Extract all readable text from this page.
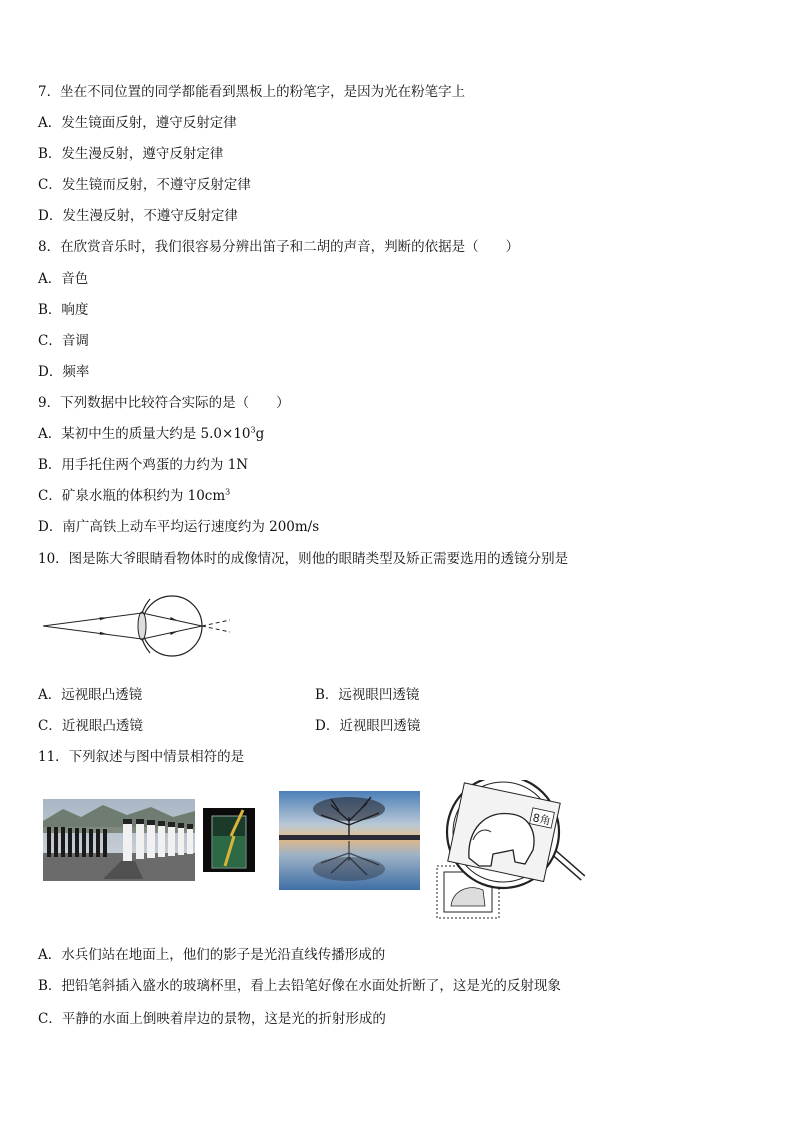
7．坐在不同位置的同学都能看到黑板上的粉笔字，是因为光在粉笔字上
A．发生镜面反射，遵守反射定律
B．发生漫反射，遵守反射定律
C．发生镜而反射，不遵守反射定律
D．发生漫反射，不遵守反射定律
8．在欣赏音乐时，我们很容易分辨出笛子和二胡的声音，判断的依据是（　　）
A．音色
B．响度
C．音调
D．频率
9．下列数据中比较符合实际的是（　　）
A．某初中生的质量大约是 $5.0\times 10^3g$
B．用手托住两个鸡蛋的力约为 1N
C．矿泉水瓶的体积约为 $10cm^3$
D．南广高铁上动车平均运行速度约为 200m/s
10．图是陈大爷眼睛看物体时的成像情况，则他的眼睛类型及矫正需要选用的透镜分别是
A．远视眼凸透镜	B．远视眼凹透镜
C．近视眼凸透镜	D．近视眼凹透镜
11．下列叙述与图中情景相符的是
8角
A．水兵们站在地面上，他们的影子是光沿直线传播形成的
B．把铅笔斜插入盛水的玻璃杯里，看上去铅笔好像在水面处折断了，这是光的反射现象
C．平静的水面上倒映着岸边的景物，这是光的折射形成的
